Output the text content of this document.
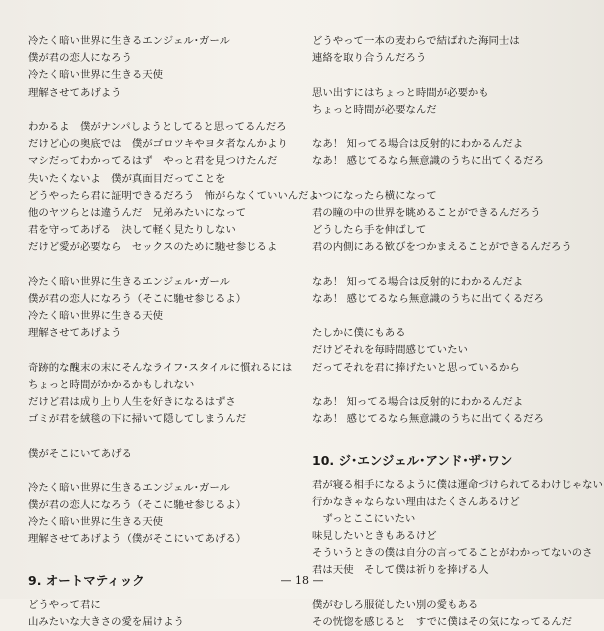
冷たく暗い世界に生きるエンジェル･ガール
僕が君の恋人になろう
冷たく暗い世界に生きる天使
理解させてあげよう
わかるよ　僕がナンパしようとしてると思ってるんだろ
だけど心の奥底では　僕がゴロツキやヨタ者なんかより
マシだってわかってるはず　やっと君を見つけたんだ
失いたくないよ　僕が真面目だってことを
どうやったら君に証明できるだろう　怖がらなくていいんだよ
他のヤツらとは違うんだ　兄弟みたいになって
君を守ってあげる　決して軽く見たりしない
だけど愛が必要なら　セックスのために馳せ参じるよ
冷たく暗い世界に生きるエンジェル･ガール
僕が君の恋人になろう（そこに馳せ参じるよ）
冷たく暗い世界に生きる天使
理解させてあげよう
奇跡的な醜末の末にそんなライフ･スタイルに慣れるには
ちょっと時間がかかるかもしれない
だけど君は成り上り人生を好きになるはずさ
ゴミが君を絨毯の下に掃いて隠してしまうんだ
僕がそこにいてあげる
冷たく暗い世界に生きるエンジェル･ガール
僕が君の恋人になろう（そこに馳せ参じるよ）
冷たく暗い世界に生きる天使
理解させてあげよう（僕がそこにいてあげる）
9. オートマティック
どうやって君に
山みたいな大きさの愛を届けよう
どうやって一本の麦わらで結ばれた海同士は
連絡を取り合うんだろう
思い出すにはちょっと時間が必要かも
ちょっと時間が必要なんだ
なあ！ 知ってる場合は反射的にわかるんだよ
なあ！ 感じてるなら無意識のうちに出てくるだろ
いつになったら横になって
君の瞳の中の世界を眺めることができるんだろう
どうしたら手を伸ばして
君の内側にある歓びをつかまえることができるんだろう
なあ！ 知ってる場合は反射的にわかるんだよ
なあ！ 感じてるなら無意識のうちに出てくるだろ
たしかに僕にもある
だけどそれを毎時間感じていたい
だってそれを君に捧げたいと思っているから
なあ！ 知ってる場合は反射的にわかるんだよ
なあ！ 感じてるなら無意識のうちに出てくるだろ
10. ジ･エンジェル･アンド･ザ･ワン
君が寝る相手になるように僕は運命づけられてるわけじゃない
行かなきゃならない理由はたくさんあるけど
　ずっとここにいたい
味見したいときもあるけど
そういうときの僕は自分の言ってることがわかってないのさ
君は天使　そして僕は祈りを捧げる人
僕がむしろ服従したい別の愛もある
その恍惚を感じると　すでに僕はその気になってるんだ
— 18 —
